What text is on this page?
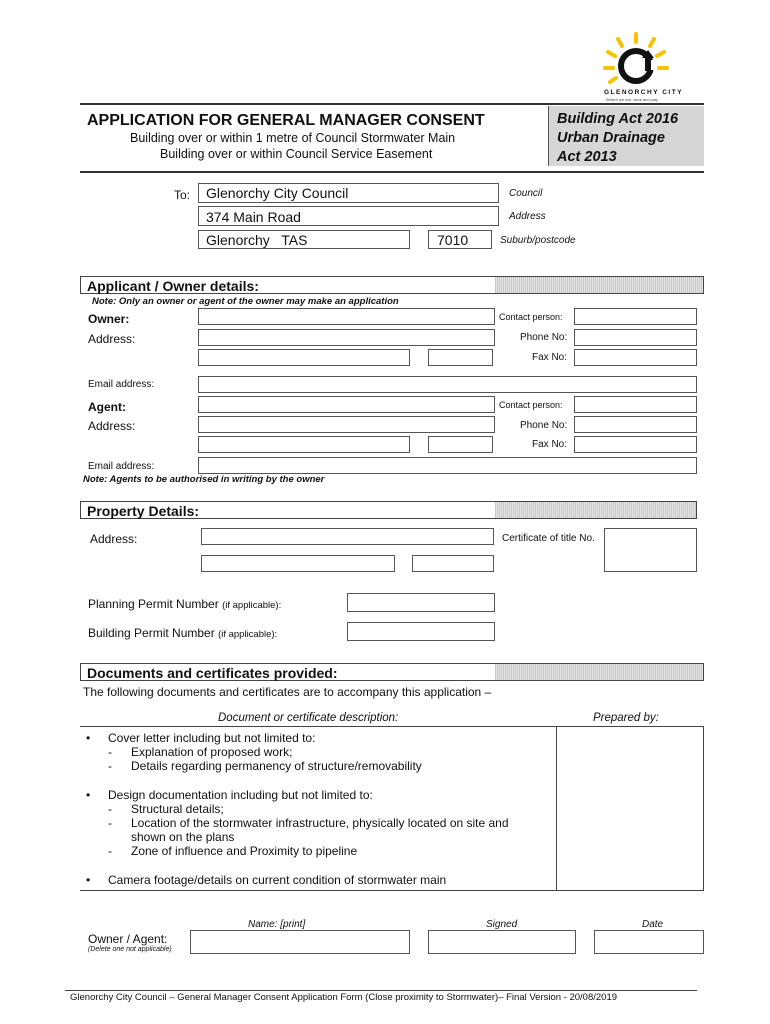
GLENORCHY CITY
Where we live, work and play
APPLICATION FOR GENERAL MANAGER CONSENT
Building over or within 1 metre of Council Stormwater Main
Building over or within Council Service Easement
Building Act 2016
Urban Drainage
Act 2013
To: Glenorchy City Council	Council
374 Main Road	Address
Glenorchy   TAS	7010	Suburb/postcode
Applicant / Owner details:
Note: Only an owner or agent of the owner may make an application
Owner:	Contact person:
Address:	Phone No:
Fax No:
Email address:
Agent:	Contact person:
Address:	Phone No:
Fax No:
Email address:
Note: Agents to be authorised in writing by the owner
Property Details:
Address:	Certificate of title No.
Planning Permit Number (if applicable):
Building Permit Number (if applicable):
Documents and certificates provided:
The following documents and certificates are to accompany this application –
Document or certificate description:	Prepared by:
• Cover letter including but not limited to:
- Explanation of proposed work;
- Details regarding permanency of structure/removability
• Design documentation including but not limited to:
- Structural details;
- Location of the stormwater infrastructure, physically located on site and
shown on the plans
- Zone of influence and Proximity to pipeline
• Camera footage/details on current condition of stormwater main
Name: [print]	Signed	Date
Owner / Agent:
(Delete one not applicable)
Glenorchy City Council – General Manager Consent Application Form (Close proximity to Stormwater)– Final Version - 20/08/2019
